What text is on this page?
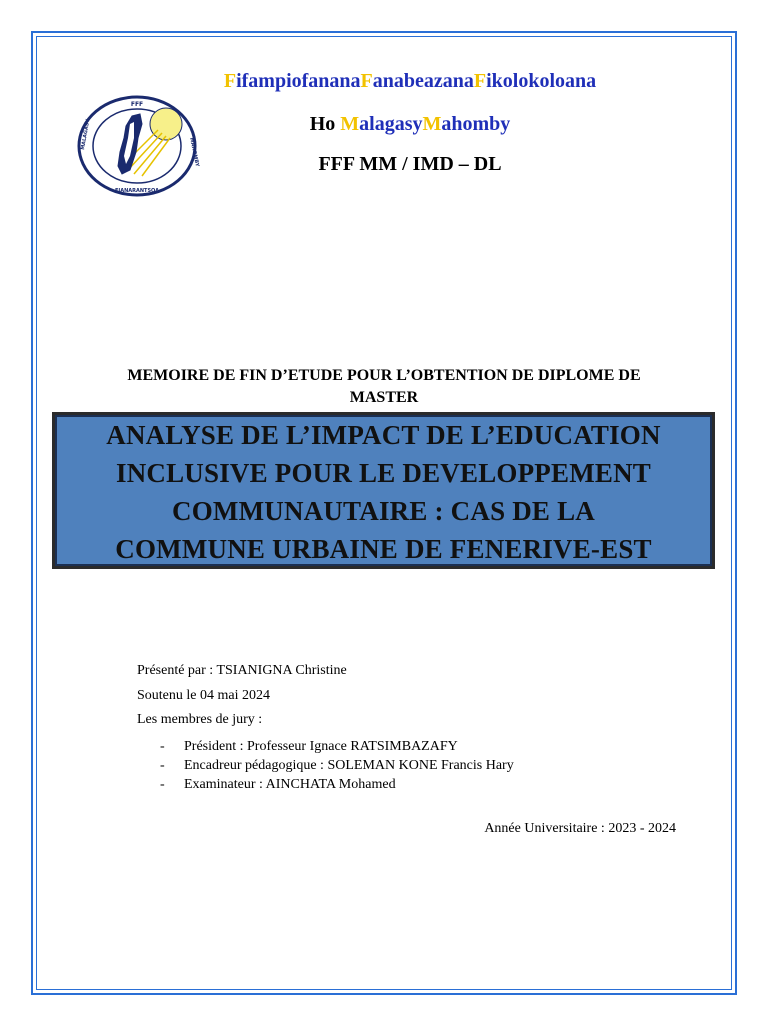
FFF
MALAGASY
MAHOMBY
FIANARANTSOA
FifampiofananaFanabeazanaFikolokoloana
Ho MalagasyMahomby
FFF MM / IMD – DL
MEMOIRE DE FIN D’ETUDE POUR L’OBTENTION DE DIPLOME DE
MASTER
ANALYSE DE L’IMPACT DE L’EDUCATION
INCLUSIVE POUR LE DEVELOPPEMENT
COMMUNAUTAIRE : CAS DE LA
COMMUNE URBAINE DE FENERIVE-EST
Présenté par : TSIANIGNA Christine
Soutenu le 04 mai 2024
Les membres de jury :
-	Président : Professeur Ignace RATSIMBAZAFY
-	Encadreur pédagogique : SOLEMAN KONE Francis Hary
-	Examinateur : AINCHATA Mohamed
Année Universitaire : 2023 - 2024
